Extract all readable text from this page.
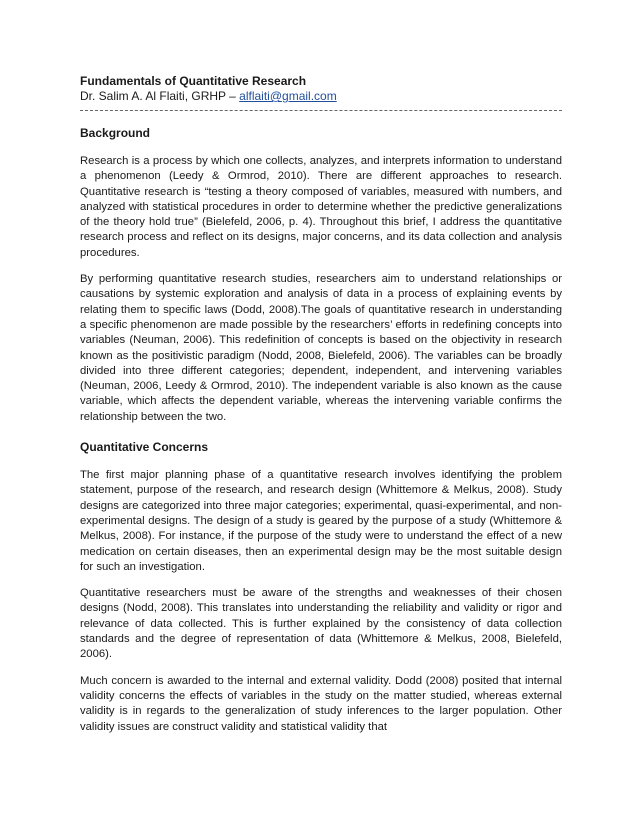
Fundamentals of Quantitative Research

Dr. Salim A. Al Flaiti, GRHP – alflaiti@gmail.com

Background

Research is a process by which one collects, analyzes, and interprets information to understand a phenomenon (Leedy & Ormrod, 2010). There are different approaches to research. Quantitative research is “testing a theory composed of variables, measured with numbers, and analyzed with statistical procedures in order to determine whether the predictive generalizations of the theory hold true” (Bielefeld, 2006, p. 4). Throughout this brief, I address the quantitative research process and reflect on its designs, major concerns, and its data collection and analysis procedures.

By performing quantitative research studies, researchers aim to understand relationships or causations by systemic exploration and analysis of data in a process of explaining events by relating them to specific laws (Dodd, 2008).The goals of quantitative research in understanding a specific phenomenon are made possible by the researchers’ efforts in redefining concepts into variables (Neuman, 2006). This redefinition of concepts is based on the objectivity in research known as the positivistic paradigm (Nodd, 2008, Bielefeld, 2006). The variables can be broadly divided into three different categories; dependent, independent, and intervening variables (Neuman, 2006, Leedy & Ormrod, 2010). The independent variable is also known as the cause variable, which affects the dependent variable, whereas the intervening variable confirms the relationship between the two.

Quantitative Concerns

The first major planning phase of a quantitative research involves identifying the problem statement, purpose of the research, and research design (Whittemore & Melkus, 2008). Study designs are categorized into three major categories; experimental, quasi-experimental, and non-experimental designs. The design of a study is geared by the purpose of a study (Whittemore & Melkus, 2008). For instance, if the purpose of the study were to understand the effect of a new medication on certain diseases, then an experimental design may be the most suitable design for such an investigation.

Quantitative researchers must be aware of the strengths and weaknesses of their chosen designs (Nodd, 2008). This translates into understanding the reliability and validity or rigor and relevance of data collected. This is further explained by the consistency of data collection standards and the degree of representation of data (Whittemore & Melkus, 2008, Bielefeld, 2006).

Much concern is awarded to the internal and external validity. Dodd (2008) posited that internal validity concerns the effects of variables in the study on the matter studied, whereas external validity is in regards to the generalization of study inferences to the larger population. Other validity issues are construct validity and statistical validity that
